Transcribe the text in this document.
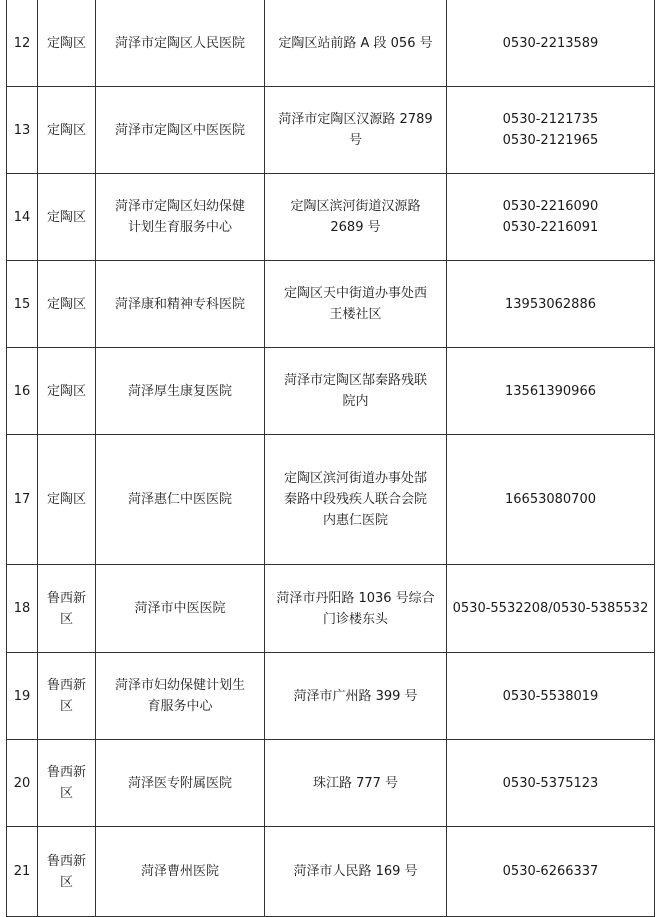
12	定陶区	菏泽市定陶区人民医院	定陶区站前路 A 段 056 号	0530-2213589

13	定陶区	菏泽市定陶区中医医院	菏泽市定陶区汉源路 2789
号	0530-2121735
0530-2121965

14	定陶区	菏泽市定陶区妇幼保健
计划生育服务中心	定陶区滨河街道汉源路
2689 号	0530-2216090
0530-2216091

15	定陶区	菏泽康和精神专科医院	定陶区天中街道办事处西
王楼社区	13953062886

16	定陶区	菏泽厚生康复医院	菏泽市定陶区郜秦路残联
院内	13561390966

17	定陶区	菏泽惠仁中医医院	定陶区滨河街道办事处郜
秦路中段残疾人联合会院
内惠仁医院	16653080700

18	鲁西新
区	菏泽市中医医院	菏泽市丹阳路 1036 号综合
门诊楼东头	0530-5532208/0530-5385532

19	鲁西新
区	菏泽市妇幼保健计划生
育服务中心	菏泽市广州路 399 号	0530-5538019

20	鲁西新
区	菏泽医专附属医院	珠江路 777 号	0530-5375123

21	鲁西新
区	菏泽曹州医院	菏泽市人民路 169 号	0530-6266337
